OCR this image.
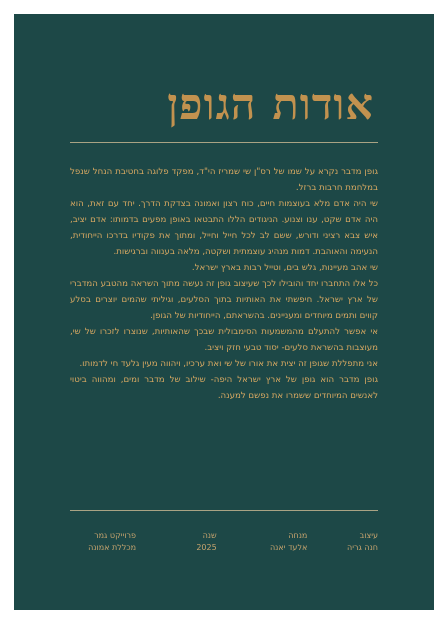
אודות הגופן

גופן מדבר נקרא על שמו של רס"ן שי שמריז הי"ד, מפקד פלוגה בחטיבת הנחל שנפל במלחמת חרבות ברזל.

שי היה אדם מלא בעוצמות חיים, כוח רצון ואמונה בצדקת הדרך. יחד עם זאת, הוא היה אדם שקט, ענו וצנוע. הניגודים הללו התבטאו באופן מפעים בדמותו: אדם יציב, איש צבא רציני ודורש, ששם לב לכל חייל וחייל, ומתוך את פקודיו בדרכו הייחודית, הנעימה והאוהבת. דמות מנהיג עוצמתית ושקטה, מלאה בענווה וברגישות.

שי אהב מעיינות, גלש בים, וטייל רבות בארץ ישראל.

כל אלו התחברו יחד והובילו לכך שעיצוב גופן זה נעשה מתוך השראה מהטבע המדברי של ארץ ישראל. חיפשתי את האותיות בתוך הסלעים, וגיליתי שהמים יוצרים בסלע קווים ותמים מיוחדים ומעניינים. בהשראתם, הייחודיות של הגופן.

אי אפשר להתעלם מהמשמעות הסימבולית שבכך שהאותיות, שנוצרו לזכרו של שי, מעוצבות בהשראת סלעים- יסוד טבעי חזק ויציב.

אני מתפללת שגופן זה יצית את אורו של שי ואת ערכיו, ויהווה מעין גלעד חי לדמותו.

גופן מדבר הוא גופן של ארץ ישראל היפה- שילוב של מדבר ומים, ומהווה ביטוי לאנשים המיוחדים ששמרו את נפשם למענה.

פרוייקט גמר
מכללת אמונה
שנה
2025
מנחה
אלעד יאנה
עיצוב
חנה גריה
